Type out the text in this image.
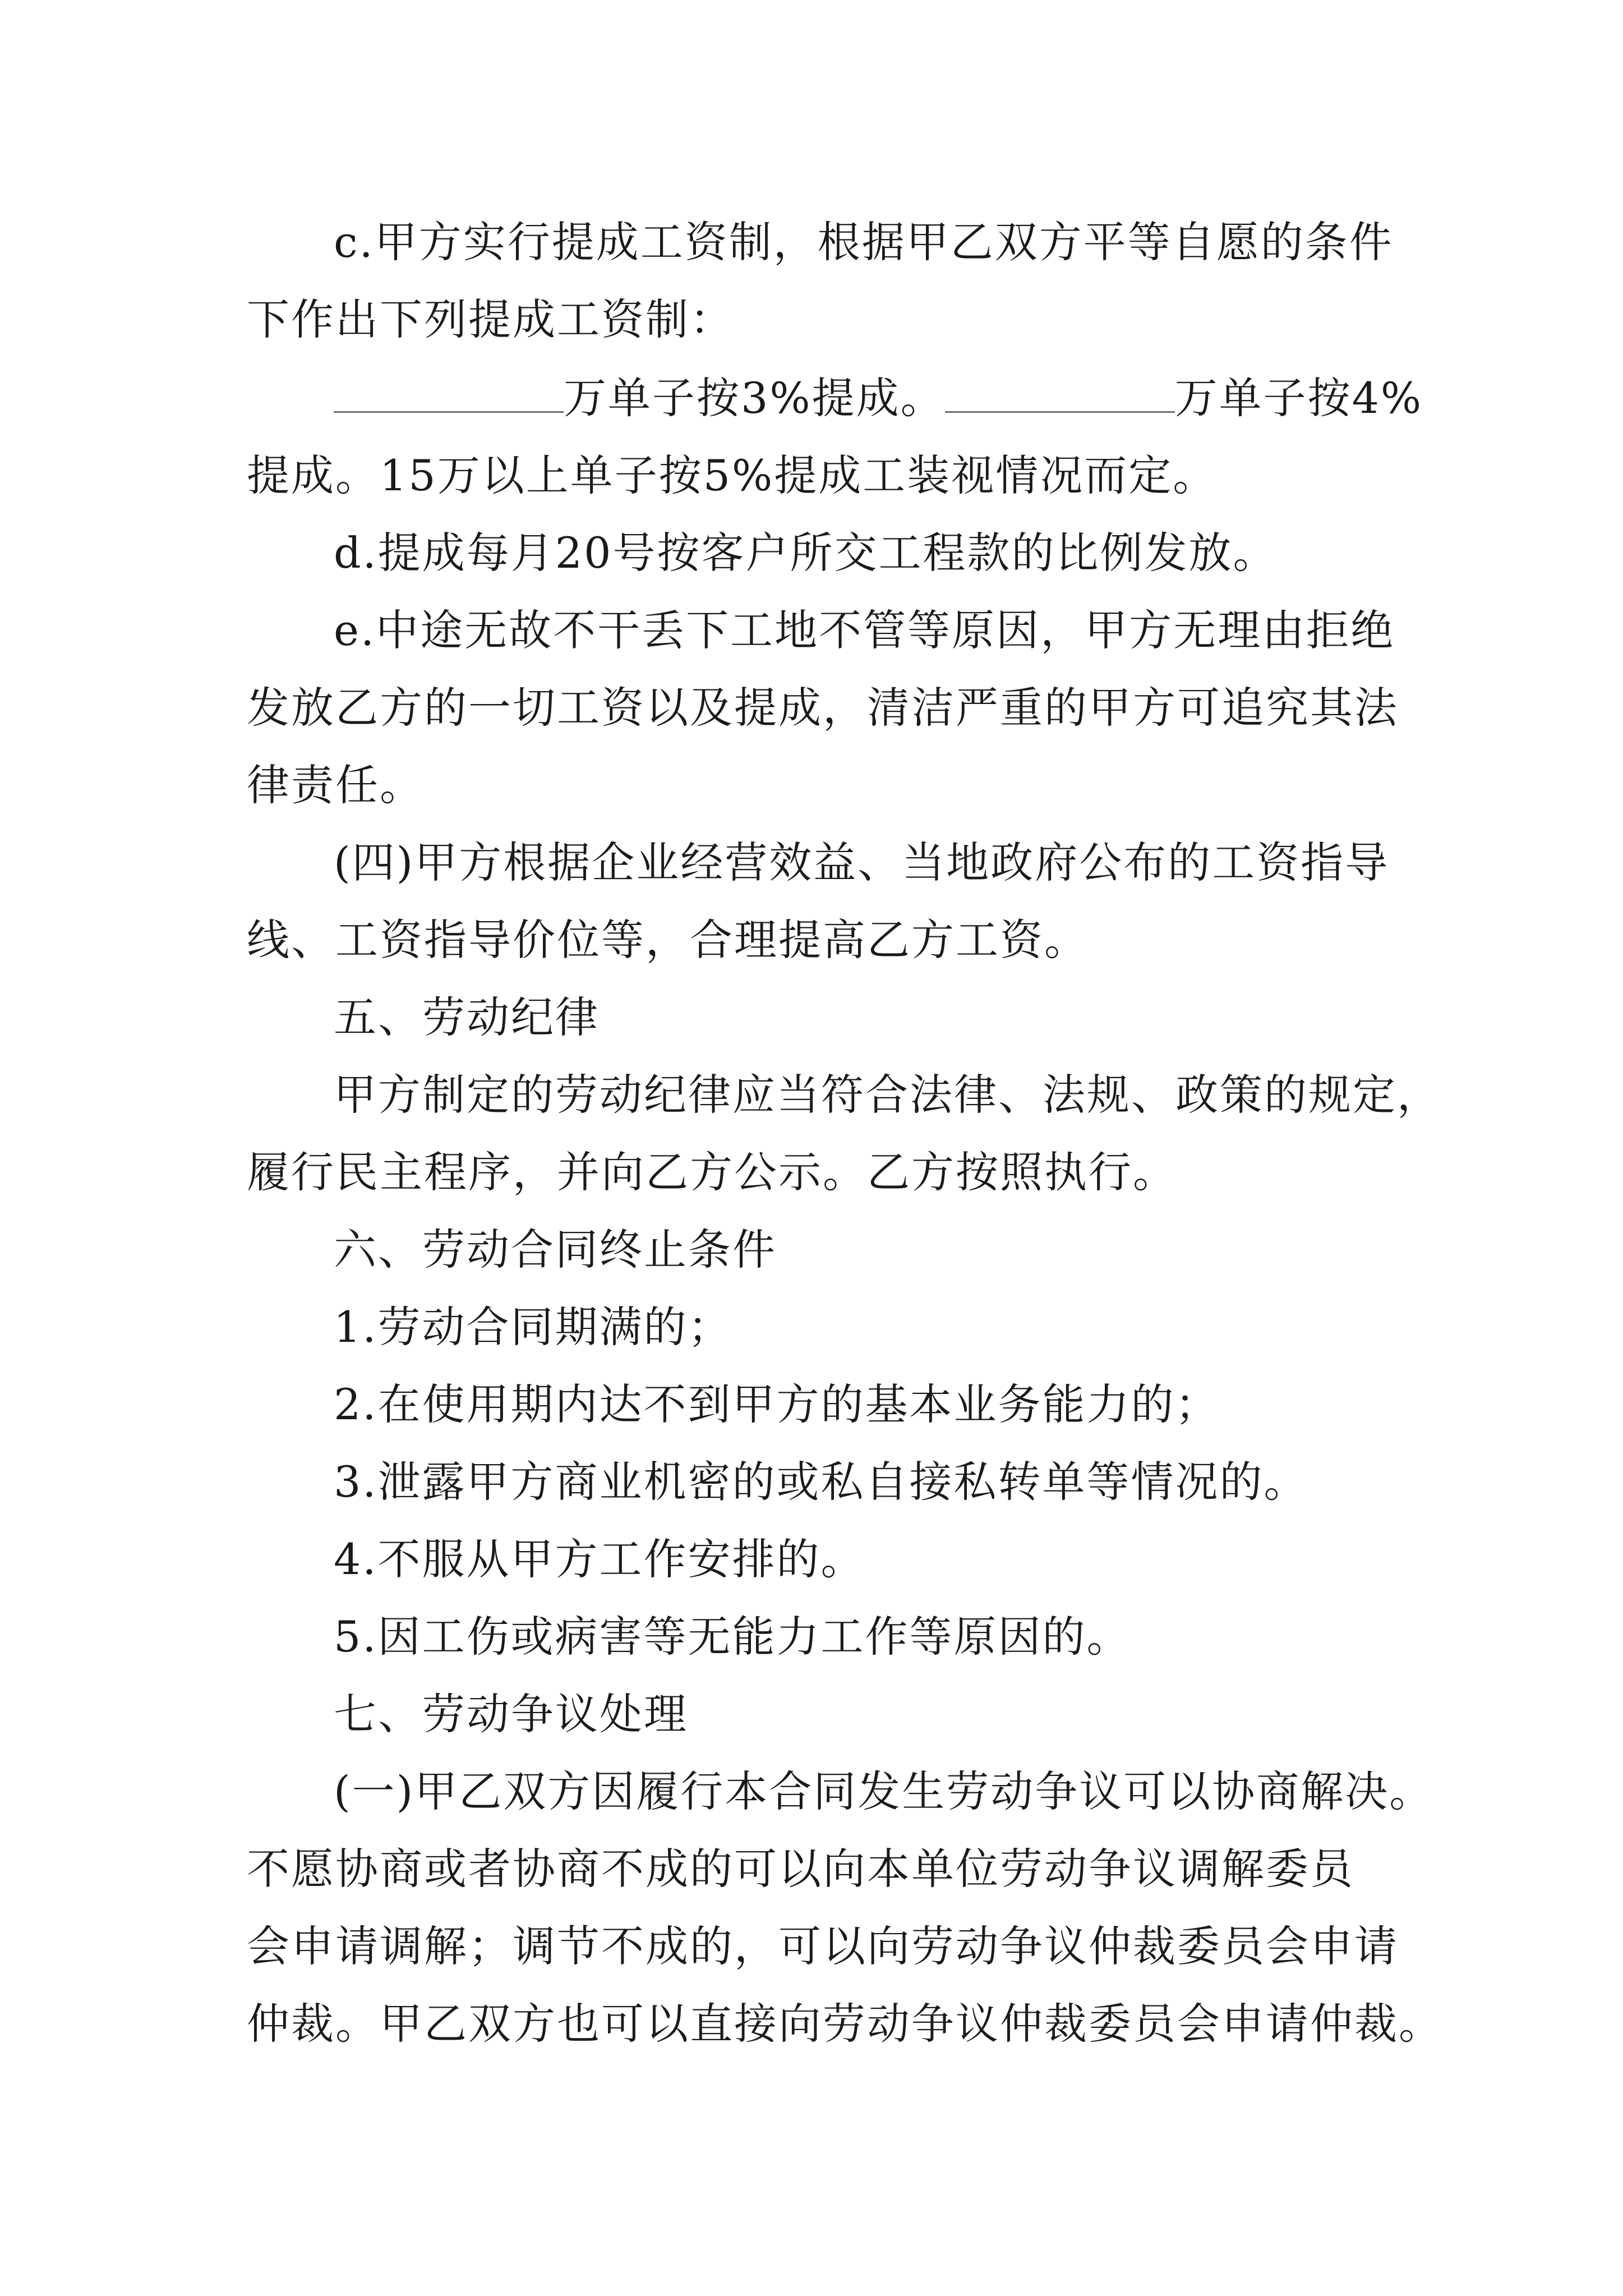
c.甲方实行提成工资制，根据甲乙双方平等自愿的条件
下作出下列提成工资制：
万单子按3%提成。	万单子按4%
提成。15万以上单子按5%提成工装视情况而定。
d.提成每月20号按客户所交工程款的比例发放。
e.中途无故不干丢下工地不管等原因，甲方无理由拒绝
发放乙方的一切工资以及提成，清洁严重的甲方可追究其法
律责任。
(四)甲方根据企业经营效益、当地政府公布的工资指导
线、工资指导价位等，合理提高乙方工资。
五、劳动纪律
甲方制定的劳动纪律应当符合法律、法规、政策的规定，
履行民主程序，并向乙方公示。乙方按照执行。
六、劳动合同终止条件
1.劳动合同期满的；
2.在使用期内达不到甲方的基本业务能力的；
3.泄露甲方商业机密的或私自接私转单等情况的。
4.不服从甲方工作安排的。
5.因工伤或病害等无能力工作等原因的。
七、劳动争议处理
(一)甲乙双方因履行本合同发生劳动争议可以协商解决。
不愿协商或者协商不成的可以向本单位劳动争议调解委员
会申请调解；调节不成的，可以向劳动争议仲裁委员会申请
仲裁。甲乙双方也可以直接向劳动争议仲裁委员会申请仲裁。
